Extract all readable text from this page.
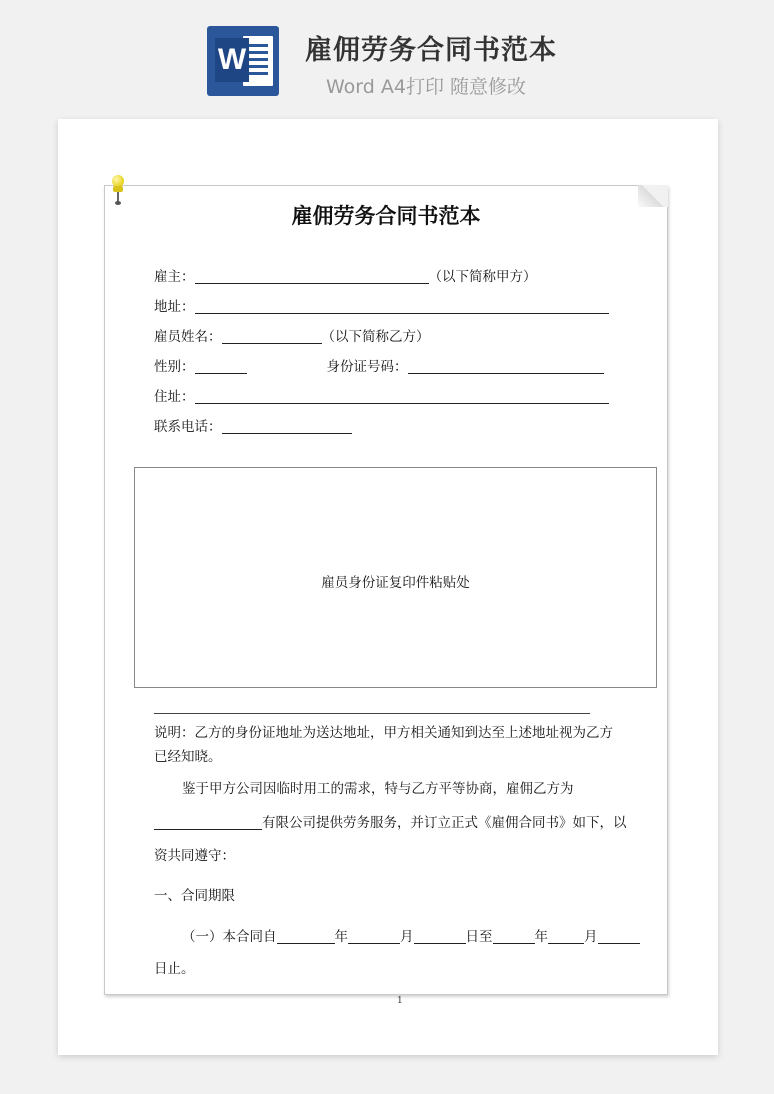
W 雇佣劳务合同书范本
Word A4打印 随意修改

雇佣劳务合同书范本
雇主：	（以下简称甲方）
地址：
雇员姓名：	（以下简称乙方）
性别：	身份证号码：
住址：
联系电话：
雇员身份证复印件粘贴处
说明：乙方的身份证地址为送达地址，甲方相关通知到达至上述地址视为乙方
已经知晓。
鉴于甲方公司因临时用工的需求，特与乙方平等协商，雇佣乙方为
有限公司提供劳务服务，并订立正式《雇佣合同书》如下，以
资共同遵守：
一、合同期限
（一）本合同自	年	月	日至	年	月
日止。
1
